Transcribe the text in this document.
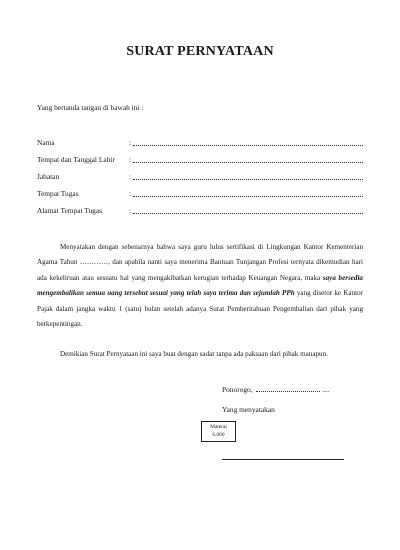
SURAT PERNYATAAN
Yang bertanda tangan di bawah ini :
Nama	:
Tempat dan Tanggal Lahir :
Jabatan	:
Tempat Tugas	:
Alamat Tempat Tugas	:
Menyatakan dengan sebenarnya bahwa saya guru lulus sertifikasi di Lingkungan Kantor Kementerian Agama Tahun …………, dan apabila nanti saya menerima Bantuan Tunjangan Profesi ternyata dikemudian hari ada kekeliruan atau sesuatu hal yang mengakibatkan kerugian terhadap Keuangan Negara, maka saya bersedia mengembalikan semua uang tersebut sesuai yang telah saya terima dan sejumlah PPh yang disetor ke Kantor Pajak dalam jangka waktu 1 (satu) bulan setelah adanya Surat Pemberitahuan Pengembalian dari pihak yang berkepentingan.
Demikian Surat Pernyataan ini saya buat dengan sadar tanpa ada paksaan dari pihak manapun.
Ponorogo,	....
Yang menyatakan
Materai
6.000
